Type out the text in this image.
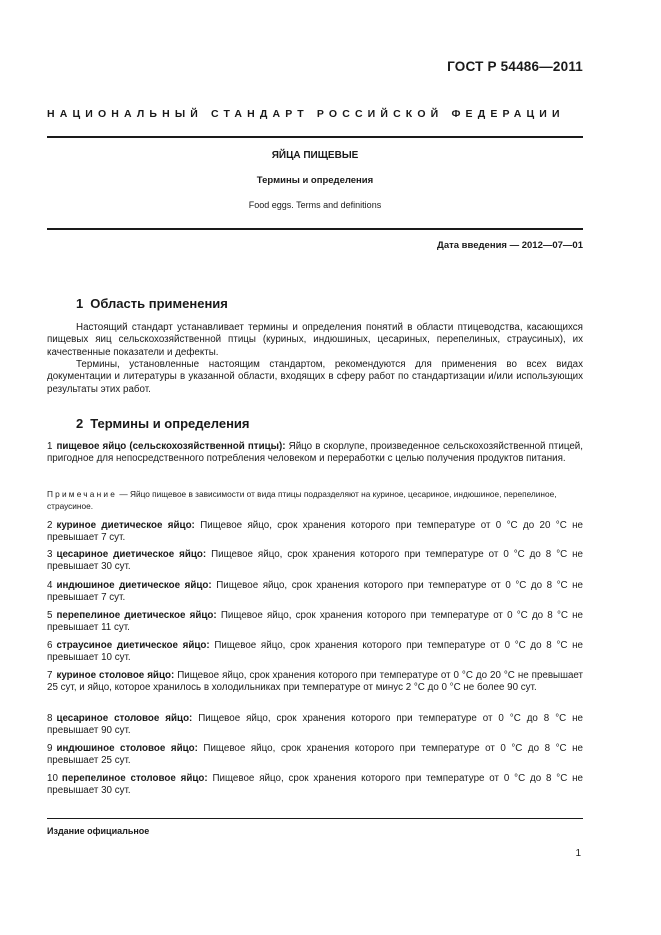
ГОСТ Р 54486—2011
НАЦИОНАЛЬНЫЙ СТАНДАРТ РОССИЙСКОЙ ФЕДЕРАЦИИ
ЯЙЦА ПИЩЕВЫЕ
Термины и определения
Food eggs. Terms and definitions
Дата введения — 2012—07—01
1 Область применения
Настоящий стандарт устанавливает термины и определения понятий в области птицеводства, касающихся пищевых яиц сельскохозяйственной птицы (куриных, индюшиных, цесариных, перепелиных, страусиных), их качественные показатели и дефекты.
Термины, установленные настоящим стандартом, рекомендуются для применения во всех видах документации и литературы в указанной области, входящих в сферу работ по стандартизации и/или использующих результаты этих работ.
2 Термины и определения
1 пищевое яйцо (сельскохозяйственной птицы): Яйцо в скорлупе, произведенное сельскохозяйственной птицей, пригодное для непосредственного потребления человеком и переработки с целью получения продуктов питания.
Примечание — Яйцо пищевое в зависимости от вида птицы подразделяют на куриное, цесариное, индюшиное, перепелиное, страусиное.
2 куриное диетическое яйцо: Пищевое яйцо, срок хранения которого при температуре от 0 °С до 20 °С не превышает 7 сут.
3 цесариное диетическое яйцо: Пищевое яйцо, срок хранения которого при температуре от 0 °С до 8 °С не превышает 30 сут.
4 индюшиное диетическое яйцо: Пищевое яйцо, срок хранения которого при температуре от 0 °С до 8 °С не превышает 7 сут.
5 перепелиное диетическое яйцо: Пищевое яйцо, срок хранения которого при температуре от 0 °С до 8 °С не превышает 11 сут.
6 страусиное диетическое яйцо: Пищевое яйцо, срок хранения которого при температуре от 0 °С до 8 °С не превышает 10 сут.
7 куриное столовое яйцо: Пищевое яйцо, срок хранения которого при температуре от 0 °С до 20 °С не превышает 25 сут, и яйцо, которое хранилось в холодильниках при температуре от минус 2 °С до 0 °С не более 90 сут.
8 цесариное столовое яйцо: Пищевое яйцо, срок хранения которого при температуре от 0 °С до 8 °С не превышает 90 сут.
9 индюшиное столовое яйцо: Пищевое яйцо, срок хранения которого при температуре от 0 °С до 8 °С не превышает 25 сут.
10 перепелиное столовое яйцо: Пищевое яйцо, срок хранения которого при температуре от 0 °С до 8 °С не превышает 30 сут.
Издание официальное
1
